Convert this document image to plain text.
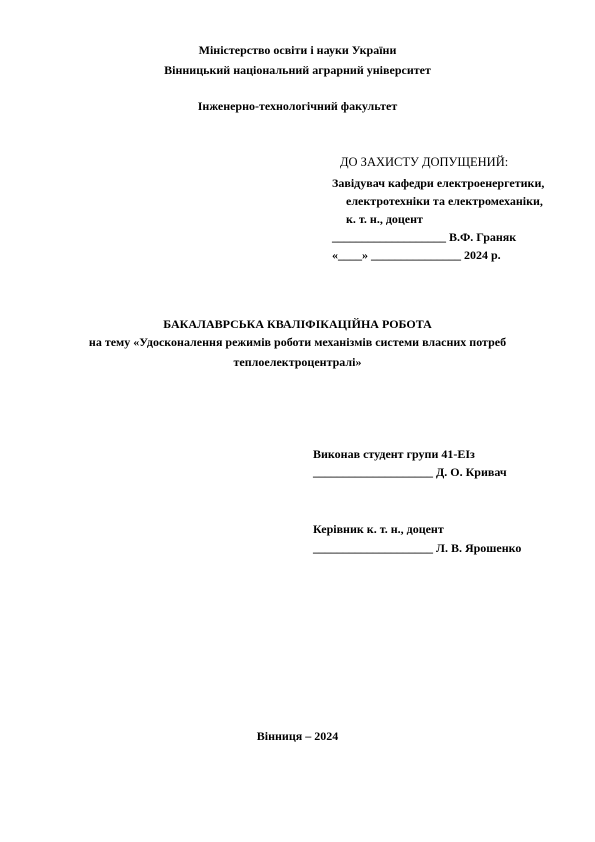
Міністерство освіти і науки України
Вінницький національний аграрний університет
Інженерно-технологічний факультет
ДО ЗАХИСТУ ДОПУЩЕНИЙ:
Завідувач кафедри електроенергетики,
електротехніки та електромеханіки,
к. т. н., доцент
___________________ В.Ф. Граняк
«____» _______________ 2024 р.
БАКАЛАВРСЬКА КВАЛІФІКАЦІЙНА РОБОТА
на тему «Удосконалення режимів роботи механізмів системи власних потреб
теплоелектроцентралі»
Виконав студент групи 41-ЕІз
____________________ Д. О. Кривач
Керівник к. т. н., доцент
____________________ Л. В. Ярошенко
Вінниця – 2024
